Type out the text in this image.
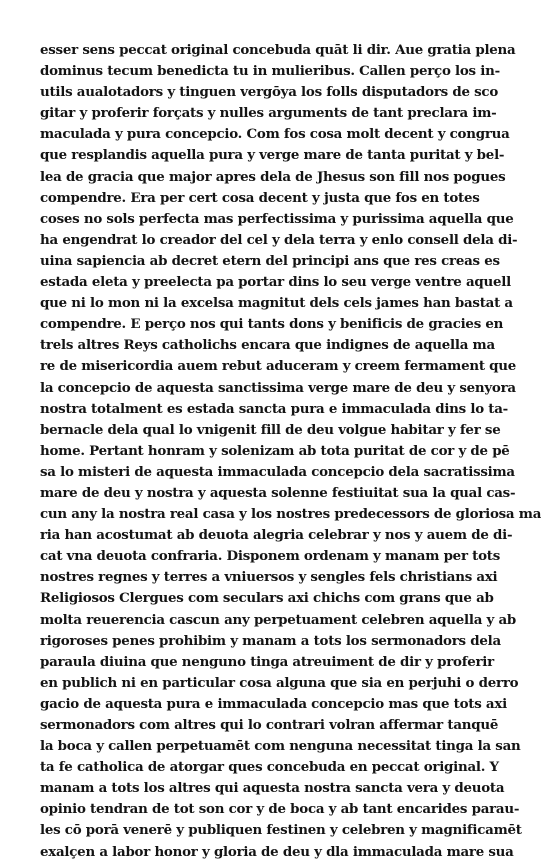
esser sens peccat original concebuda quāt li dir. Aue gratia plena
dominus tecum benedicta tu in mulieribus. Callen perço los in-
utils aualotadors y tinguen vergōya los folls disputadors de sco
gitar y proferir forçats y nulles arguments de tant preclara im-
maculada y pura concepcio. Com fos cosa molt decent y congrua
que resplandis aquella pura y verge mare de tanta puritat y bel-
lea de gracia que major apres dela de Jhesus son fill nos pogues
compendre. Era per cert cosa decent y justa que fos en totes
coses no sols perfecta mas perfectissima y purissima aquella que
ha engendrat lo creador del cel y dela terra y enlo consell dela di-
uina sapiencia ab decret etern del principi ans que res creas es
estada eleta y preelecta pa portar dins lo seu verge ventre aquell
que ni lo mon ni la excelsa magnitut dels cels james han bastat a
compendre. E perço nos qui tants dons y benificis de gracies en
trels altres Reys catholichs encara que indignes de aquella ma
re de misericordia auem rebut aduceram y creem fermament que
la concepcio de aquesta sanctissima verge mare de deu y senyora
nostra totalment es estada sancta pura e immaculada dins lo ta-
bernacle dela qual lo vnigenit fill de deu volgue habitar y fer se
home. Pertant honram y solenizam ab tota puritat de cor y de pē
sa lo misteri de aquesta immaculada concepcio dela sacratissima
mare de deu y nostra y aquesta solenne festiuitat sua la qual cas-
cun any la nostra real casa y los nostres predecessors de gloriosa ma
ria han acostumat ab deuota alegria celebrar y nos y auem de di-
cat vna deuota confraria. Disponem ordenam y manam per tots
nostres regnes y terres a vniuersos y sengles fels christians axi
Religiosos Clergues com seculars axi chichs com grans que ab
molta reuerencia cascun any perpetuament celebren aquella y ab
rigoroses penes prohibim y manam a tots los sermonadors dela
paraula diuina que nenguno tinga atreuiment de dir y proferir
en publich ni en particular cosa alguna que sia en perjuhi o derro
gacio de aquesta pura e immaculada concepcio mas que tots axi
sermonadors com altres qui lo contrari volran affermar tanquē
la boca y callen perpetuamēt com nenguna necessitat tinga la san
ta fe catholica de atorgar ques concebuda en peccat original. Y
manam a tots los altres qui aquesta nostra sancta vera y deuota
opinio tendran de tot son cor y de boca y ab tant encarides parau-
les cō porā venerē y publiquen festinen y celebren y magnificamēt
exalçen a labor honor y gloria de deu y dla immaculada mare sua
